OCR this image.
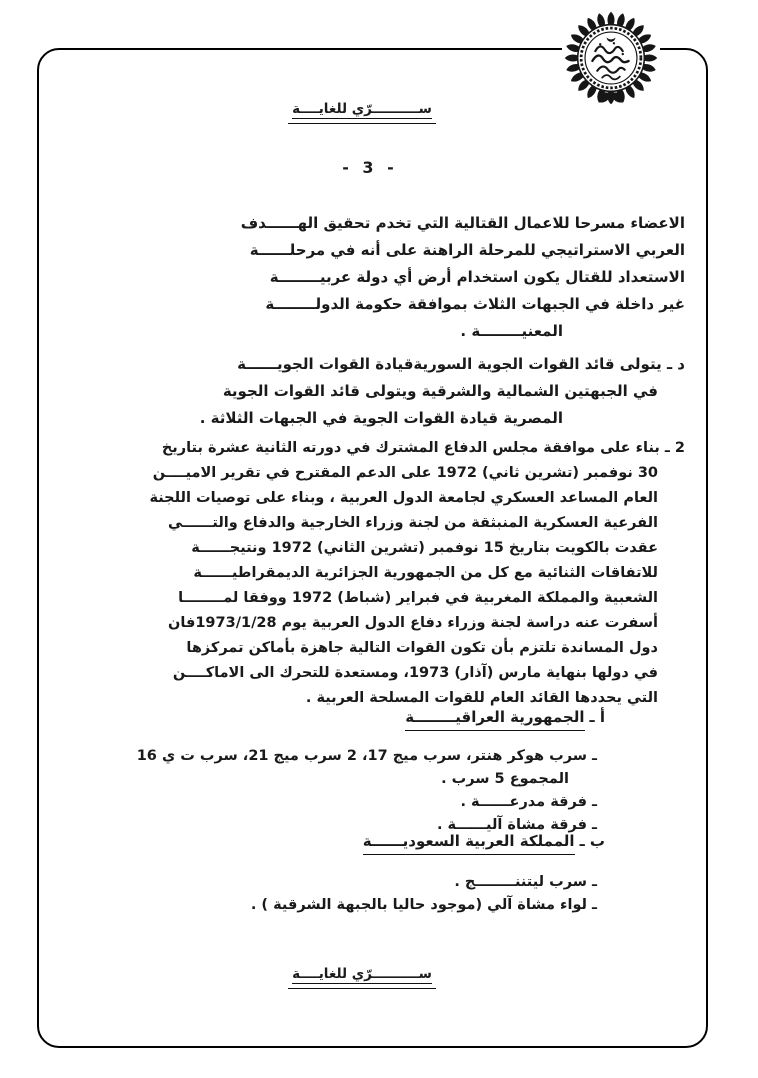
ســــــــــرّي للغايــــة
- 3 -
الاعضاء مسرحا للاعمال القتالية التي تخدم تحقيق الهــــــدف
العربي الاستراتيجي للمرحلة الراهنة على أنه في مرحلــــــة
الاستعداد للقتال يكون استخدام أرض أي دولة عربيــــــــة
غير داخلة في الجبهات الثلاث بموافقة حكومة الدولــــــــة
المعنيــــــــة .
د ـ يتولى قائد القوات الجوية السوريةقيادة القوات الجويــــــة
في الجبهتين الشمالية والشرقية ويتولى قائد القوات الجوية
المصرية قيادة القوات الجوية في الجبهات الثلاثة .
2 ـ بناء على موافقة مجلس الدفاع المشترك في دورته الثانية عشرة بتاريخ
30 نوفمبر (تشرين ثاني) 1972 على الدعم المقترح في تقرير الاميــــن
العام المساعد العسكري لجامعة الدول العربية ، وبناء على توصيات اللجنة
الفرعية العسكرية المنبثقة من لجنة وزراء الخارجية والدفاع والتــــــي
عقدت بالكويت بتاريخ 15 نوفمبر (تشرين الثاني) 1972 ونتيجــــــة
للاتفاقات الثنائية مع كل من الجمهورية الجزائرية الديمقراطيــــــة
الشعبية والمملكة المغربية في فبراير (شباط) 1972 ووفقا لمــــــــا
أسفرت عنه دراسة لجنة وزراء دفاع الدول العربية يوم 1973/1/28فان
دول المساندة تلتزم بأن تكون القوات التالية جاهزة بأماكن تمركزها
في دولها بنهاية مارس (آذار) 1973، ومستعدة للتحرك الى الاماكــــن
التي يحددها القائد العام للقوات المسلحة العربية .
أ ـالجمهورية العراقيــــــــة
ـ سرب هوكر هنتر، سرب ميج 17،‏ 2 سرب ميج 21، سرب ت ي 16
المجموع 5 سرب .
ـ فرقة مدرعــــــة .
ـ فرقة مشاة آليــــــة .
ب ـالمملكة العربية السعوديــــــة
ـ سرب ليتننــــــــج .
ـ لواء مشاة آلي (موجود حاليا بالجبهة الشرقية ) .
ســــــــــرّي للغايــــة
